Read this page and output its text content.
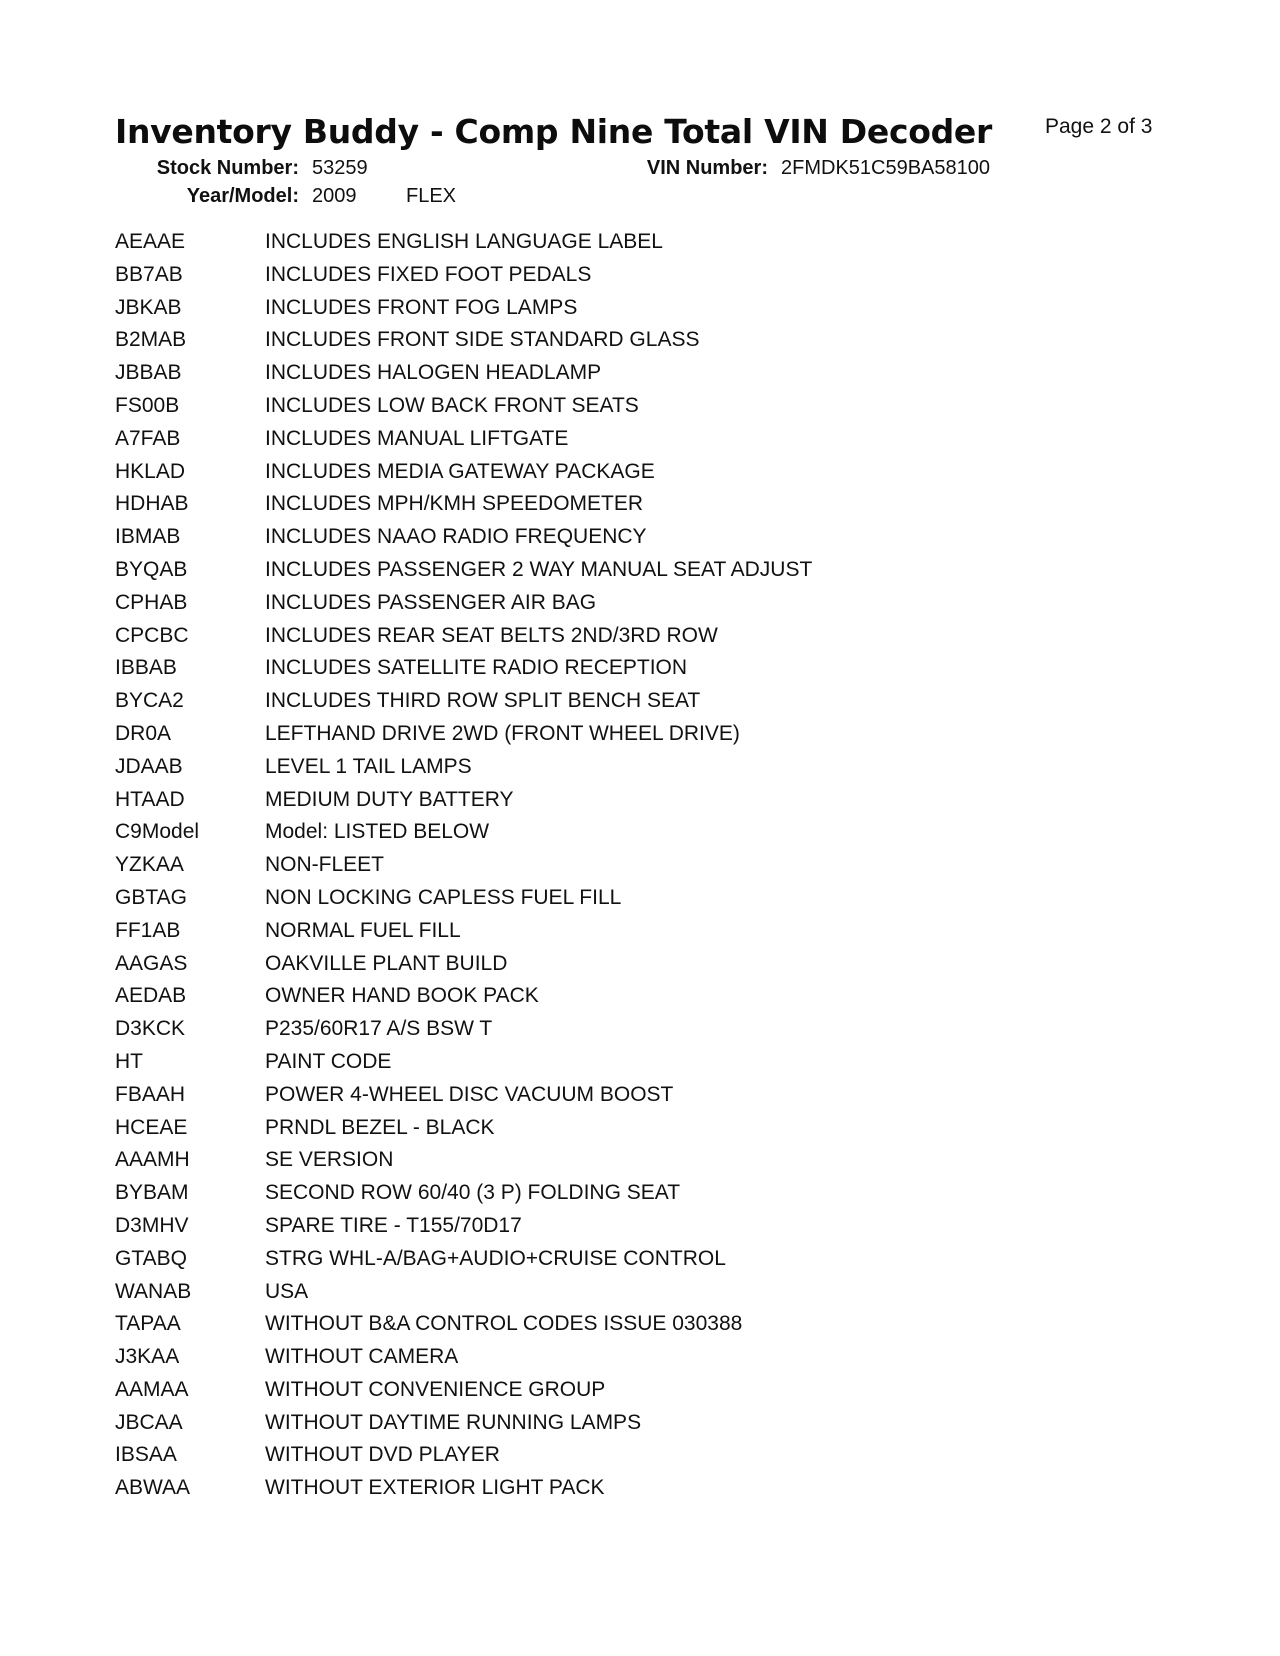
Inventory Buddy - Comp Nine Total VIN Decoder	Page 2 of 3
Stock Number: 53259	VIN Number: 2FMDK51C59BA58100
Year/Model: 2009 FLEX
AEAAE	INCLUDES ENGLISH LANGUAGE LABEL
BB7AB	INCLUDES FIXED FOOT PEDALS
JBKAB	INCLUDES FRONT FOG LAMPS
B2MAB	INCLUDES FRONT SIDE STANDARD GLASS
JBBAB	INCLUDES HALOGEN HEADLAMP
FS00B	INCLUDES LOW BACK FRONT SEATS
A7FAB	INCLUDES MANUAL LIFTGATE
HKLAD	INCLUDES MEDIA GATEWAY PACKAGE
HDHAB	INCLUDES MPH/KMH SPEEDOMETER
IBMAB	INCLUDES NAAO RADIO FREQUENCY
BYQAB	INCLUDES PASSENGER 2 WAY MANUAL SEAT ADJUST
CPHAB	INCLUDES PASSENGER AIR BAG
CPCBC	INCLUDES REAR SEAT BELTS 2ND/3RD ROW
IBBAB	INCLUDES SATELLITE RADIO RECEPTION
BYCA2	INCLUDES THIRD ROW SPLIT BENCH SEAT
DR0A	LEFTHAND DRIVE 2WD (FRONT WHEEL DRIVE)
JDAAB	LEVEL 1 TAIL LAMPS
HTAAD	MEDIUM DUTY BATTERY
C9Model	Model: LISTED BELOW
YZKAA	NON-FLEET
GBTAG	NON LOCKING CAPLESS FUEL FILL
FF1AB	NORMAL FUEL FILL
AAGAS	OAKVILLE PLANT BUILD
AEDAB	OWNER HAND BOOK PACK
D3KCK	P235/60R17 A/S BSW T
HT	PAINT CODE
FBAAH	POWER 4-WHEEL DISC VACUUM BOOST
HCEAE	PRNDL BEZEL - BLACK
AAAMH	SE VERSION
BYBAM	SECOND ROW 60/40 (3 P) FOLDING SEAT
D3MHV	SPARE TIRE - T155/70D17
GTABQ	STRG WHL-A/BAG+AUDIO+CRUISE CONTROL
WANAB	USA
TAPAA	WITHOUT B&A CONTROL CODES ISSUE 030388
J3KAA	WITHOUT CAMERA
AAMAA	WITHOUT CONVENIENCE GROUP
JBCAA	WITHOUT DAYTIME RUNNING LAMPS
IBSAA	WITHOUT DVD PLAYER
ABWAA	WITHOUT EXTERIOR LIGHT PACK
